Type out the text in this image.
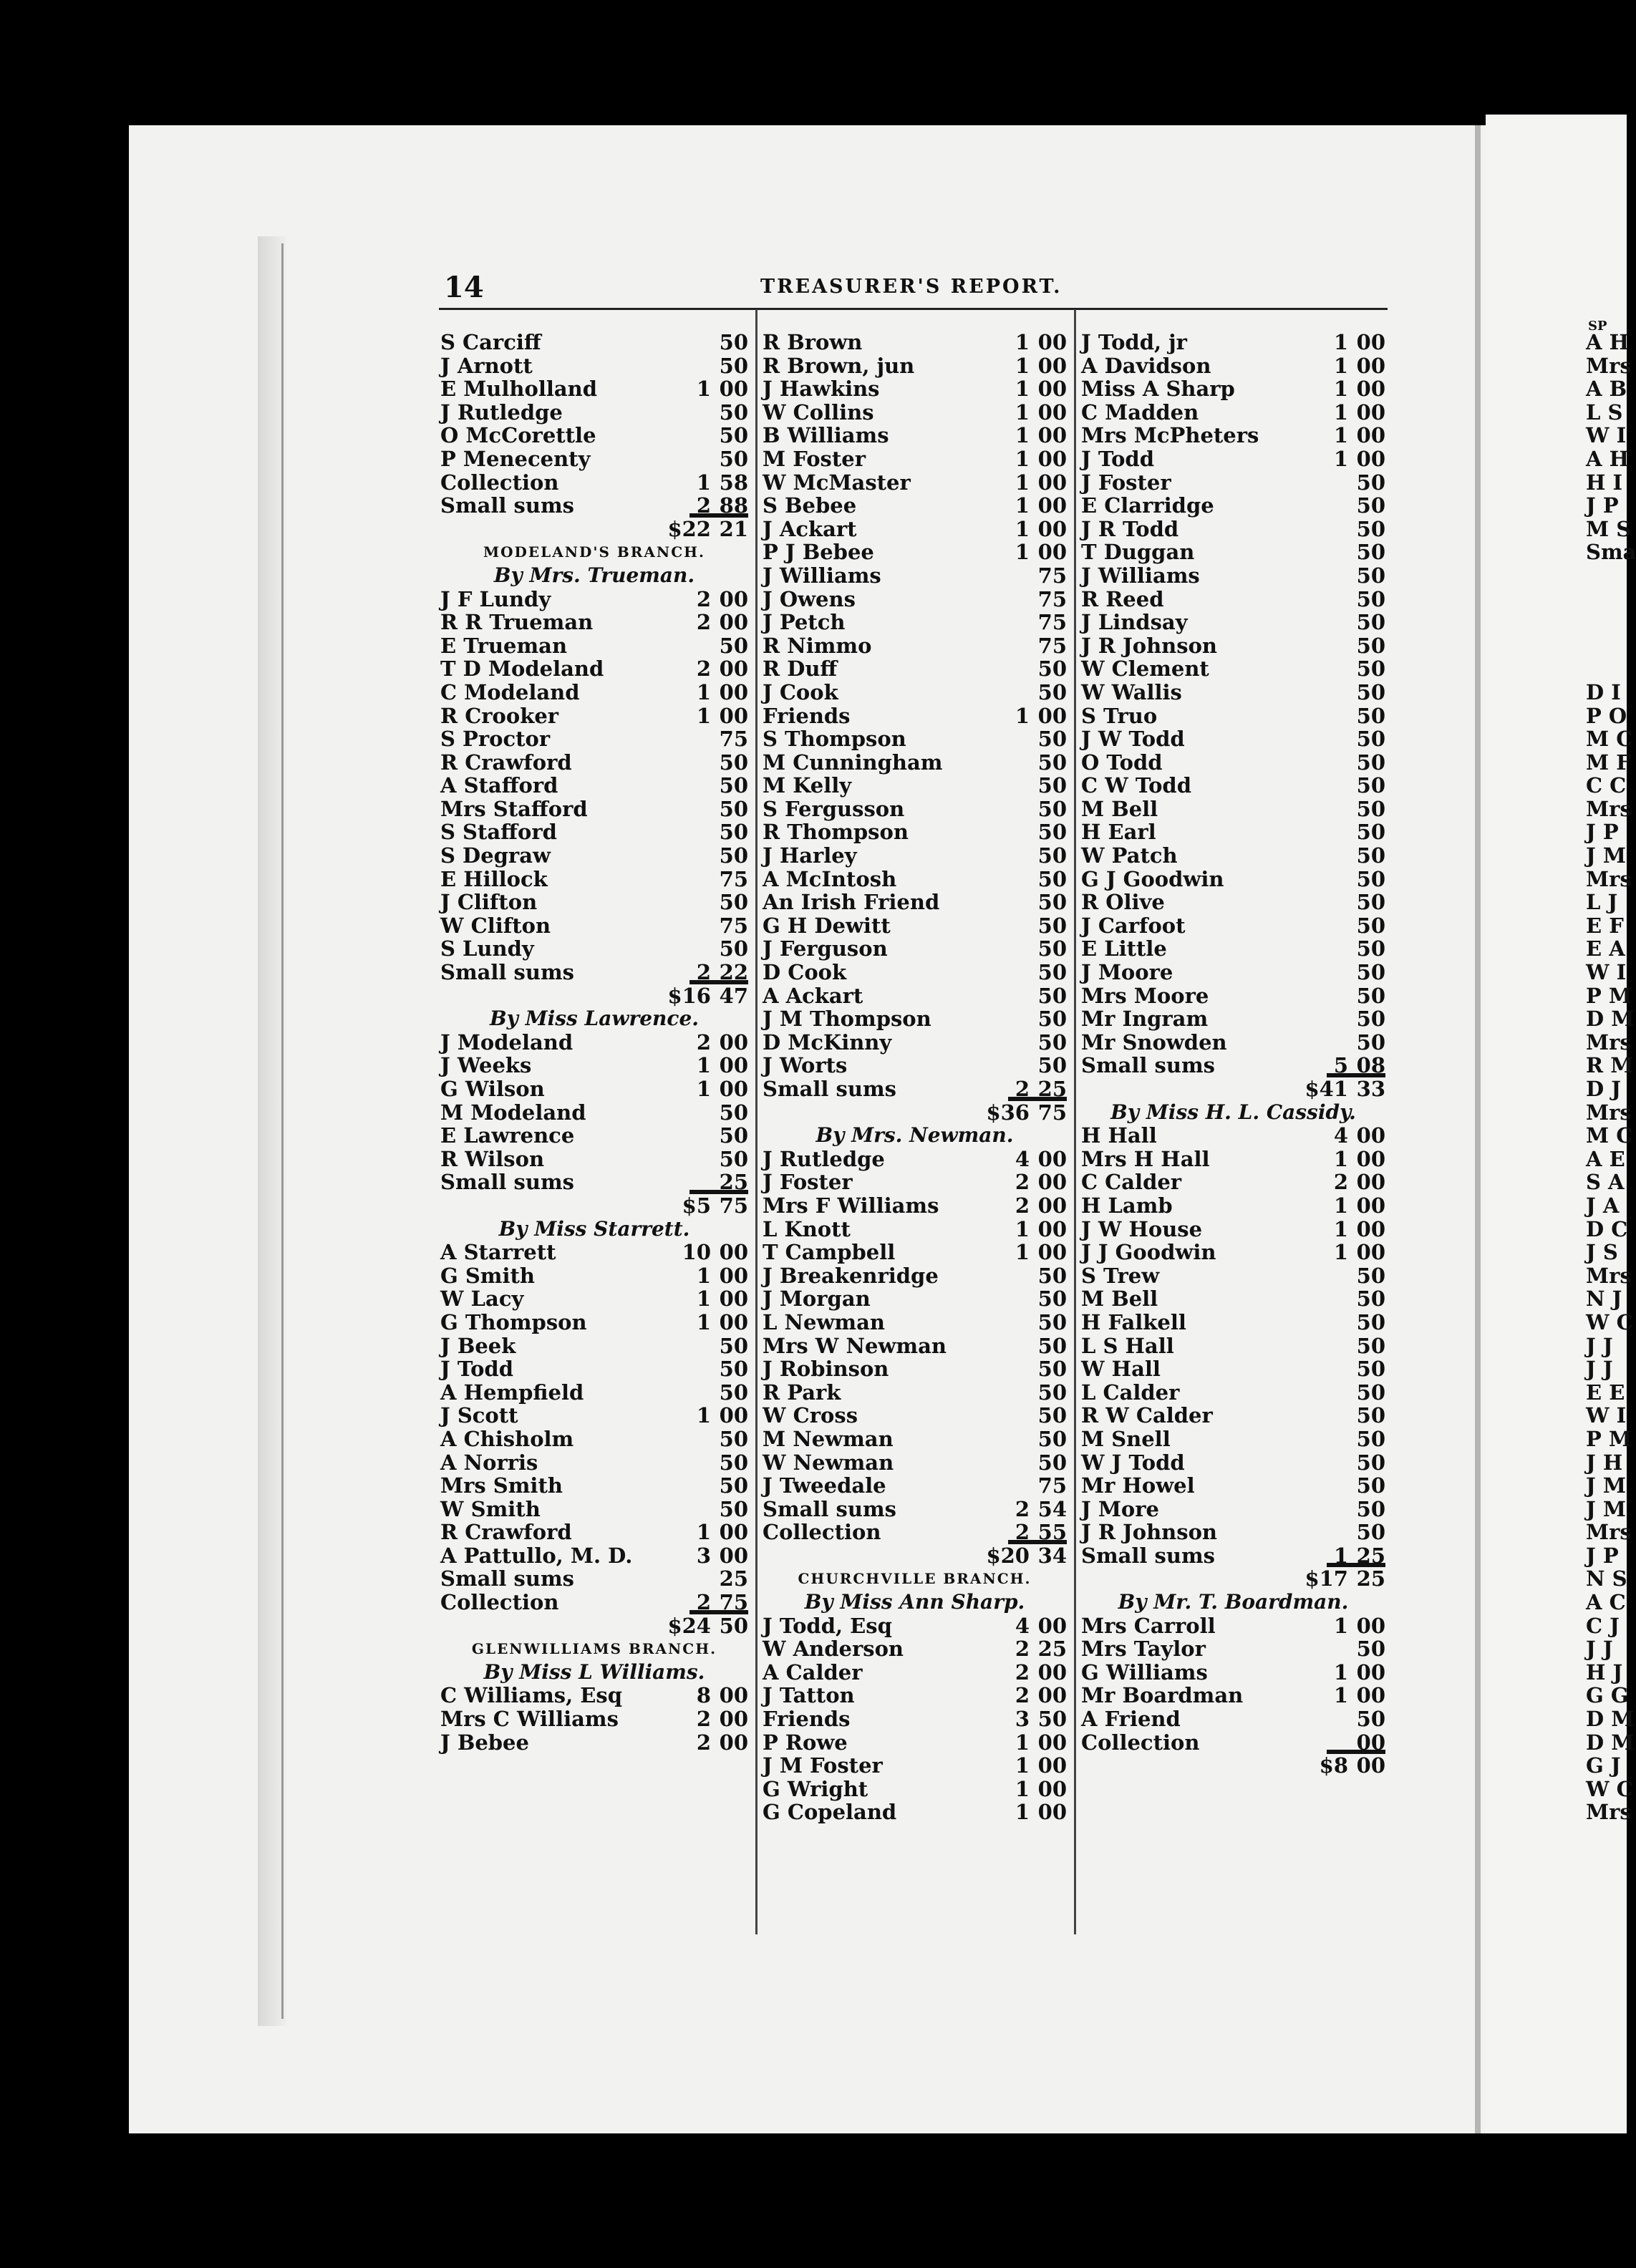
14	TREASURER'S REPORT.
S Carciff	50
J Arnott	50
E Mulholland	1 00
J Rutledge	50
O McCorettle	50
P Menecenty	50
Collection	1 58
Small sums	2 88
$22 21
MODELAND'S BRANCH.
By Mrs. Trueman.
J F Lundy	2 00
R R Trueman	2 00
E Trueman	50
T D Modeland	2 00
C Modeland	1 00
R Crooker	1 00
S Proctor	75
R Crawford	50
A Stafford	50
Mrs Stafford	50
S Stafford	50
S Degraw	50
E Hillock	75
J Clifton	50
W Clifton	75
S Lundy	50
Small sums	2 22
$16 47
By Miss Lawrence.
J Modeland	2 00
J Weeks	1 00
G Wilson	1 00
M Modeland	50
E Lawrence	50
R Wilson	50
Small sums	25
$5 75
By Miss Starrett.
A Starrett	10 00
G Smith	1 00
W Lacy	1 00
G Thompson	1 00
J Beek	50
J Todd	50
A Hempfield	50
J Scott	1 00
A Chisholm	50
A Norris	50
Mrs Smith	50
W Smith	50
R Crawford	1 00
A Pattullo, M. D.	3 00
Small sums	25
Collection	2 75
$24 50
GLENWILLIAMS BRANCH.
By Miss L Williams.
C Williams, Esq	8 00
Mrs C Williams	2 00
J Bebee	2 00
R Brown	1 00
R Brown, jun	1 00
J Hawkins	1 00
W Collins	1 00
B Williams	1 00
M Foster	1 00
W McMaster	1 00
S Bebee	1 00
J Ackart	1 00
P J Bebee	1 00
J Williams	75
J Owens	75
J Petch	75
R Nimmo	75
R Duff	50
J Cook	50
Friends	1 00
S Thompson	50
M Cunningham	50
M Kelly	50
S Fergusson	50
R Thompson	50
J Harley	50
A McIntosh	50
An Irish Friend	50
G H Dewitt	50
J Ferguson	50
D Cook	50
A Ackart	50
J M Thompson	50
D McKinny	50
J Worts	50
Small sums	2 25
$36 75
By Mrs. Newman.
J Rutledge	4 00
J Foster	2 00
Mrs F Williams	2 00
L Knott	1 00
T Campbell	1 00
J Breakenridge	50
J Morgan	50
L Newman	50
Mrs W Newman	50
J Robinson	50
R Park	50
W Cross	50
M Newman	50
W Newman	50
J Tweedale	75
Small sums	2 54
Collection	2 55
$20 34
CHURCHVILLE BRANCH.
By Miss Ann Sharp.
J Todd, Esq	4 00
W Anderson	2 25
A Calder	2 00
J Tatton	2 00
Friends	3 50
P Rowe	1 00
J M Foster	1 00
G Wright	1 00
G Copeland	1 00
J Todd, jr	1 00
A Davidson	1 00
Miss A Sharp	1 00
C Madden	1 00
Mrs McPheters	1 00
J Todd	1 00
J Foster	50
E Clarridge	50
J R Todd	50
T Duggan	50
J Williams	50
R Reed	50
J Lindsay	50
J R Johnson	50
W Clement	50
W Wallis	50
S Truo	50
J W Todd	50
O Todd	50
C W Todd	50
M Bell	50
H Earl	50
W Patch	50
G J Goodwin	50
R Olive	50
J Carfoot	50
E Little	50
J Moore	50
Mrs Moore	50
Mr Ingram	50
Mr Snowden	50
Small sums	5 08
$41 33
By Miss H. L. Cassidy.
H Hall	4 00
Mrs H Hall	1 00
C Calder	2 00
H Lamb	1 00
J W House	1 00
J J Goodwin	1 00
S Trew	50
M Bell	50
H Falkell	50
L S Hall	50
W Hall	50
L Calder	50
R W Calder	50
M Snell	50
W J Todd	50
Mr Howel	50
J More	50
J R Johnson	50
Small sums	1 25
$17 25
By Mr. T. Boardman.
Mrs Carroll	1 00
Mrs Taylor	50
G Williams	1 00
Mr Boardman	1 00
A Friend	50
Collection	00
$8 00
SP
A H
Mrs
A B
L S
W I
A H
H I
J P
M S
Sma
D I
P O
M C
M F
C C
Mrs
J P
J M
Mrs
L J
E F
E A
W I
P M
D M
Mrs
R M
D J
Mrs
M C
A E
S A
J A
D C
J S
Mrs
N J
W C
J J
J J
E E
W I
P M
J H
J M
J M
Mrs
J P
N S
A C
C J
J J
H J
G G
D M
D M
G J
W C
Mrs
